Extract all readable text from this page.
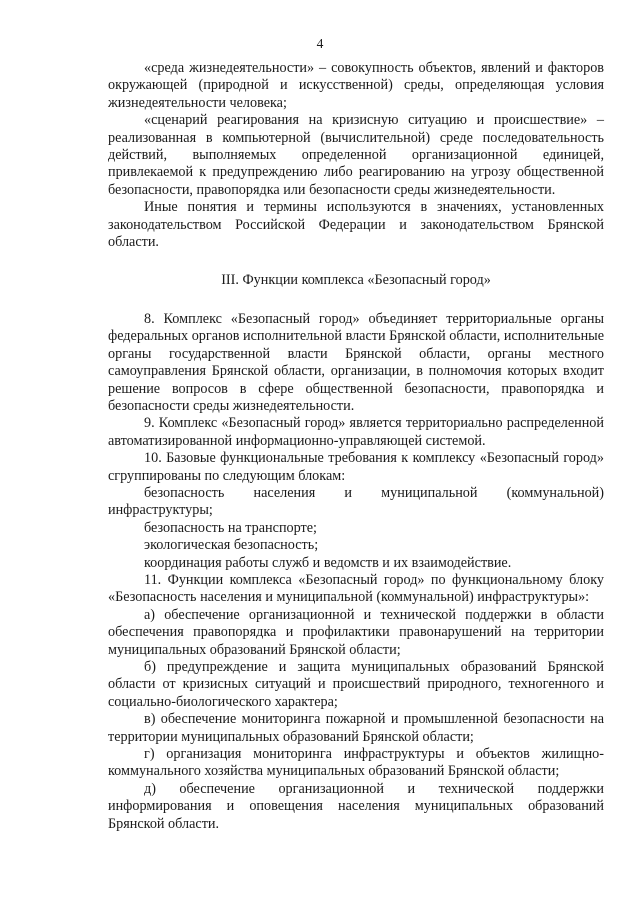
4

«среда жизнедеятельности» – совокупность объектов, явлений и факторов окружающей (природной и искусственной) среды, определяющая условия жизнедеятельности человека;

«сценарий реагирования на кризисную ситуацию и происшествие» – реализованная в компьютерной (вычислительной) среде последовательность действий, выполняемых определенной организационной единицей, привлекаемой к предупреждению либо реагированию на угрозу общественной безопасности, правопорядка или безопасности среды жизнедеятельности.

Иные понятия и термины используются в значениях, установленных законодательством Российской Федерации и законодательством Брянской области.

III. Функции комплекса «Безопасный город»

8. Комплекс «Безопасный город» объединяет территориальные органы федеральных органов исполнительной власти Брянской области, исполнительные органы государственной власти Брянской области, органы местного самоуправления Брянской области, организации, в полномочия которых входит решение вопросов в сфере общественной безопасности, правопорядка и безопасности среды жизнедеятельности.

9. Комплекс «Безопасный город» является территориально распределенной автоматизированной информационно-управляющей системой.

10. Базовые функциональные требования к комплексу «Безопасный город» сгруппированы по следующим блокам:

безопасность населения и муниципальной (коммунальной) инфраструктуры;

безопасность на транспорте;

экологическая безопасность;

координация работы служб и ведомств и их взаимодействие.

11. Функции комплекса «Безопасный город» по функциональному блоку «Безопасность населения и муниципальной (коммунальной) инфраструктуры»:

а) обеспечение организационной и технической поддержки в области обеспечения правопорядка и профилактики правонарушений на территории муниципальных образований Брянской области;

б) предупреждение и защита муниципальных образований Брянской области от кризисных ситуаций и происшествий природного, техногенного и социально-биологического характера;

в) обеспечение мониторинга пожарной и промышленной безопасности на территории муниципальных образований Брянской области;

г) организация мониторинга инфраструктуры и объектов жилищно-коммунального хозяйства муниципальных образований Брянской области;

д) обеспечение организационной и технической поддержки информирования и оповещения населения муниципальных образований Брянской области.
